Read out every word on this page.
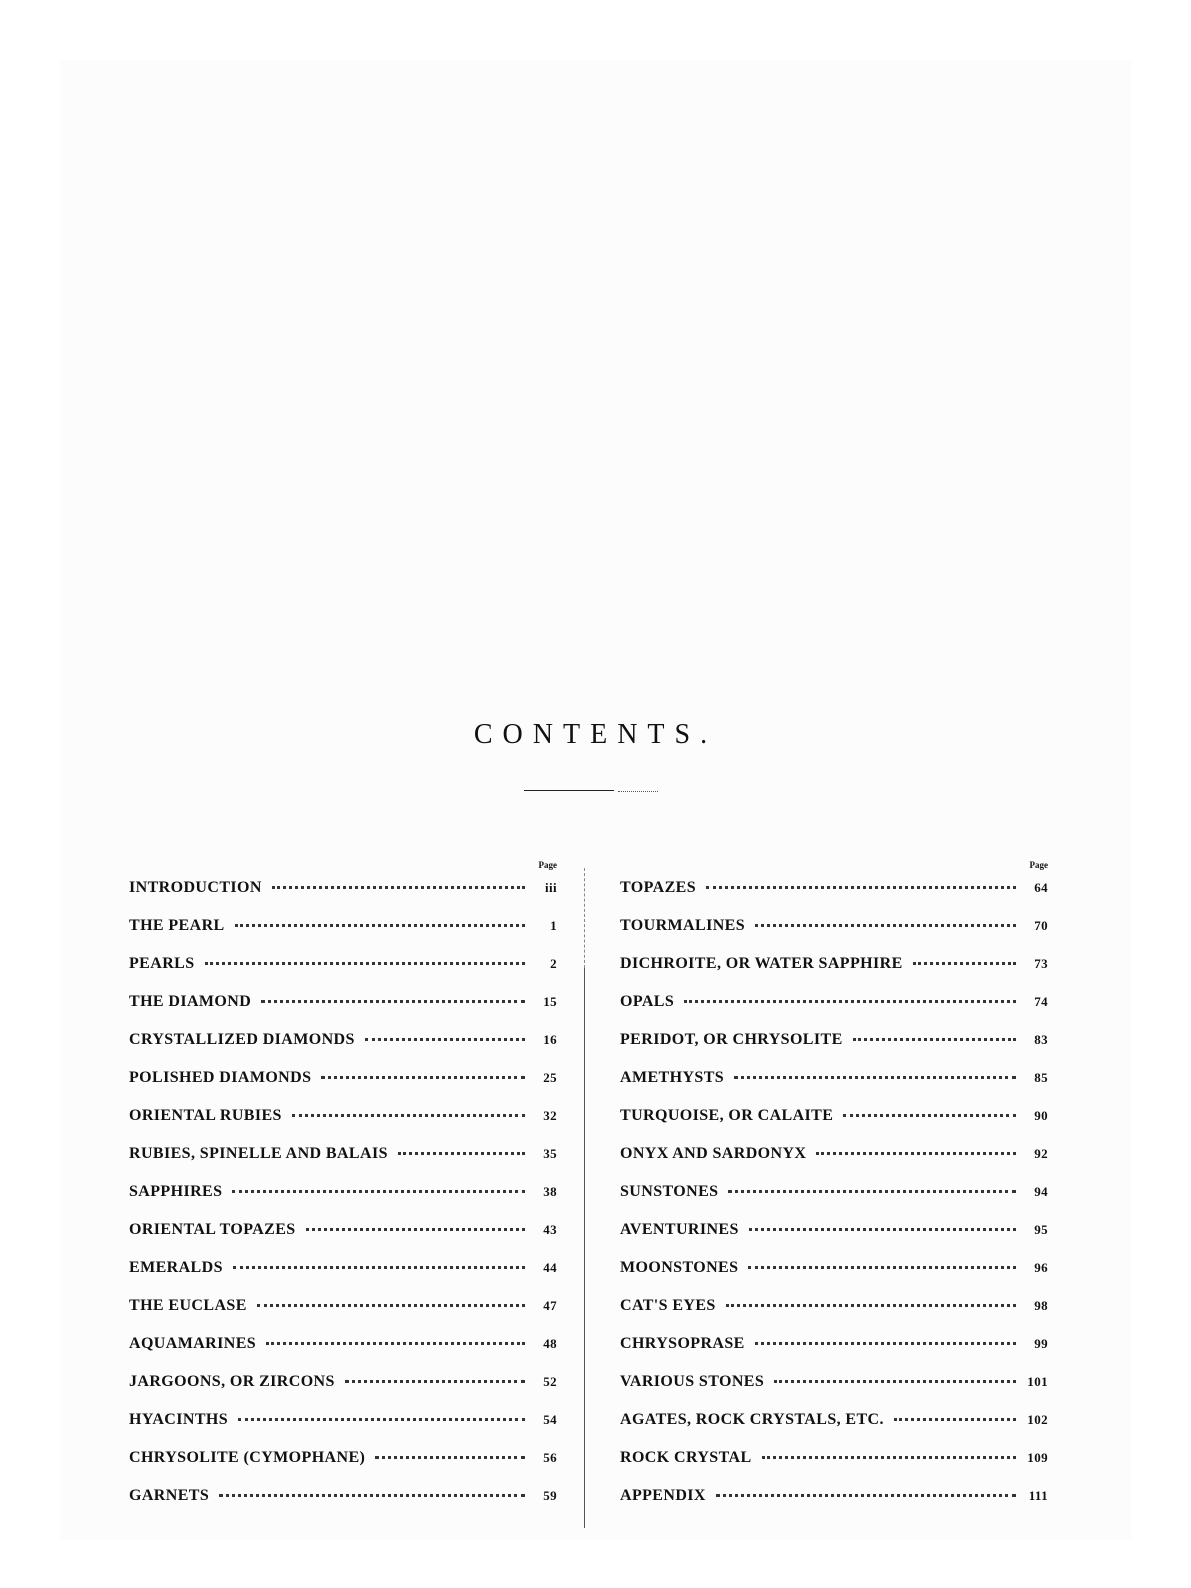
CONTENTS.
Page
INTRODUCTION	iii
THE PEARL	1
PEARLS	2
THE DIAMOND	15
CRYSTALLIZED DIAMONDS	16
POLISHED DIAMONDS	25
ORIENTAL RUBIES	32
RUBIES, SPINELLE AND BALAIS	35
SAPPHIRES	38
ORIENTAL TOPAZES	43
EMERALDS	44
THE EUCLASE	47
AQUAMARINES	48
JARGOONS, OR ZIRCONS	52
HYACINTHS	54
CHRYSOLITE (CYMOPHANE)	56
GARNETS	59
Page
TOPAZES	64
TOURMALINES	70
DICHROITE, OR WATER SAPPHIRE	73
OPALS	74
PERIDOT, OR CHRYSOLITE	83
AMETHYSTS	85
TURQUOISE, OR CALAITE	90
ONYX AND SARDONYX	92
SUNSTONES	94
AVENTURINES	95
MOONSTONES	96
CAT'S EYES	98
CHRYSOPRASE	99
VARIOUS STONES	101
AGATES, ROCK CRYSTALS, ETC.	102
ROCK CRYSTAL	109
APPENDIX	111
